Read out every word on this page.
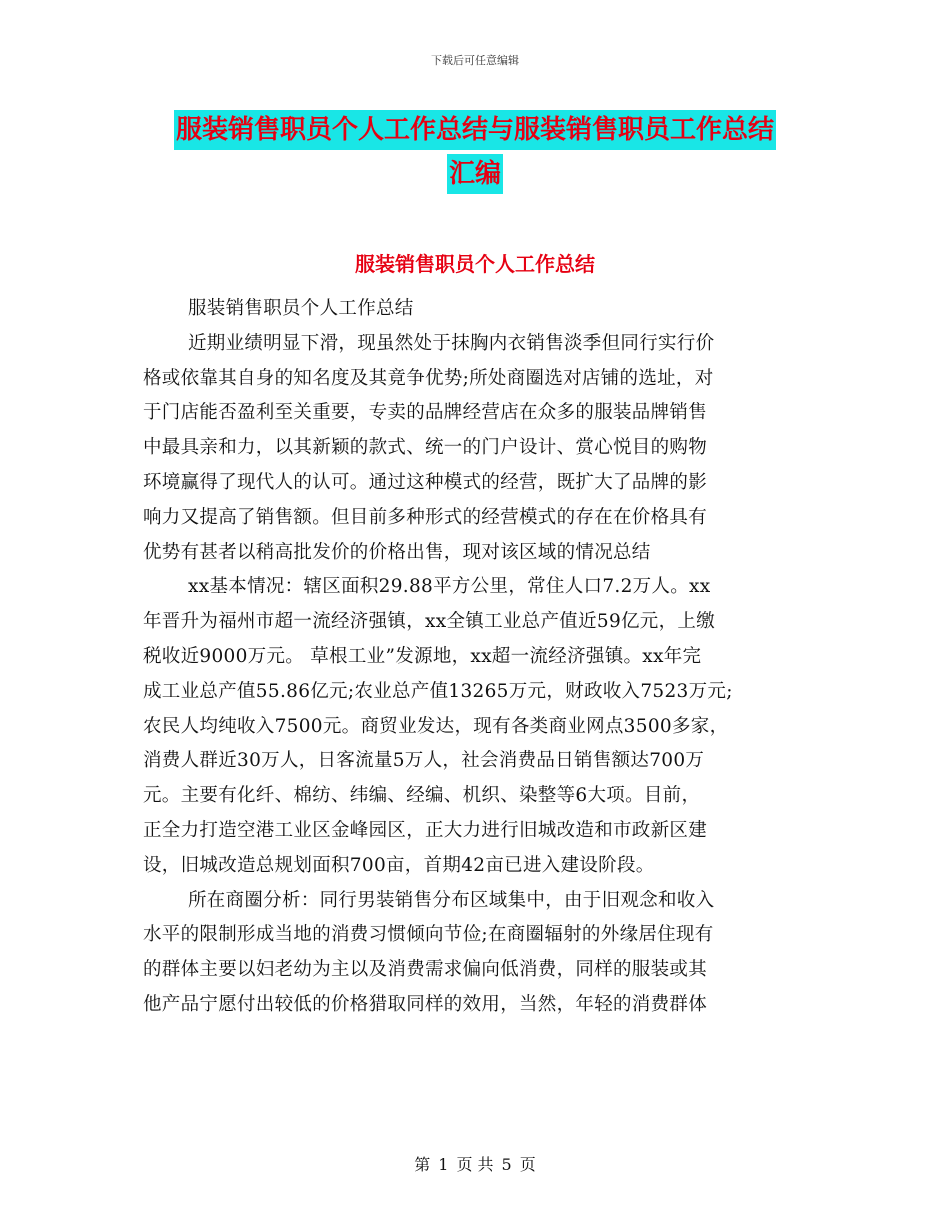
下载后可任意编辑
服装销售职员个人工作总结与服装销售职员工作总结
汇编
服装销售职员个人工作总结
服装销售职员个人工作总结
近期业绩明显下滑，现虽然处于抹胸内衣销售淡季但同行实行价
格或依靠其自身的知名度及其竟争优势;所处商圈选对店铺的选址，对
于门店能否盈利至关重要，专卖的品牌经营店在众多的服装品牌销售
中最具亲和力，以其新颖的款式、统一的门户设计、赏心悦目的购物
环境赢得了现代人的认可。通过这种模式的经营，既扩大了品牌的影
响力又提高了销售额。但目前多种形式的经营模式的存在在价格具有
优势有甚者以稍高批发价的价格出售，现对该区域的情况总结
xx基本情况：辖区面积29.88平方公里，常住人口7.2万人。xx
年晋升为福州市超一流经济强镇，xx全镇工业总产值近59亿元，上缴
税收近9000万元。 草根工业”发源地，xx超一流经济强镇。xx年完
成工业总产值55.86亿元;农业总产值13265万元，财政收入7523万元;
农民人均纯收入7500元。商贸业发达，现有各类商业网点3500多家，
消费人群近30万人，日客流量5万人，社会消费品日销售额达700万
元。主要有化纤、棉纺、纬编、经编、机织、染整等6大项。目前，
正全力打造空港工业区金峰园区，正大力进行旧城改造和市政新区建
设，旧城改造总规划面积700亩，首期42亩已进入建设阶段。
所在商圈分析：同行男装销售分布区域集中，由于旧观念和收入
水平的限制形成当地的消费习惯倾向节俭;在商圈辐射的外缘居住现有
的群体主要以妇老幼为主以及消费需求偏向低消费，同样的服装或其
他产品宁愿付出较低的价格猎取同样的效用，当然，年轻的消费群体
第 1 页 共 5 页
